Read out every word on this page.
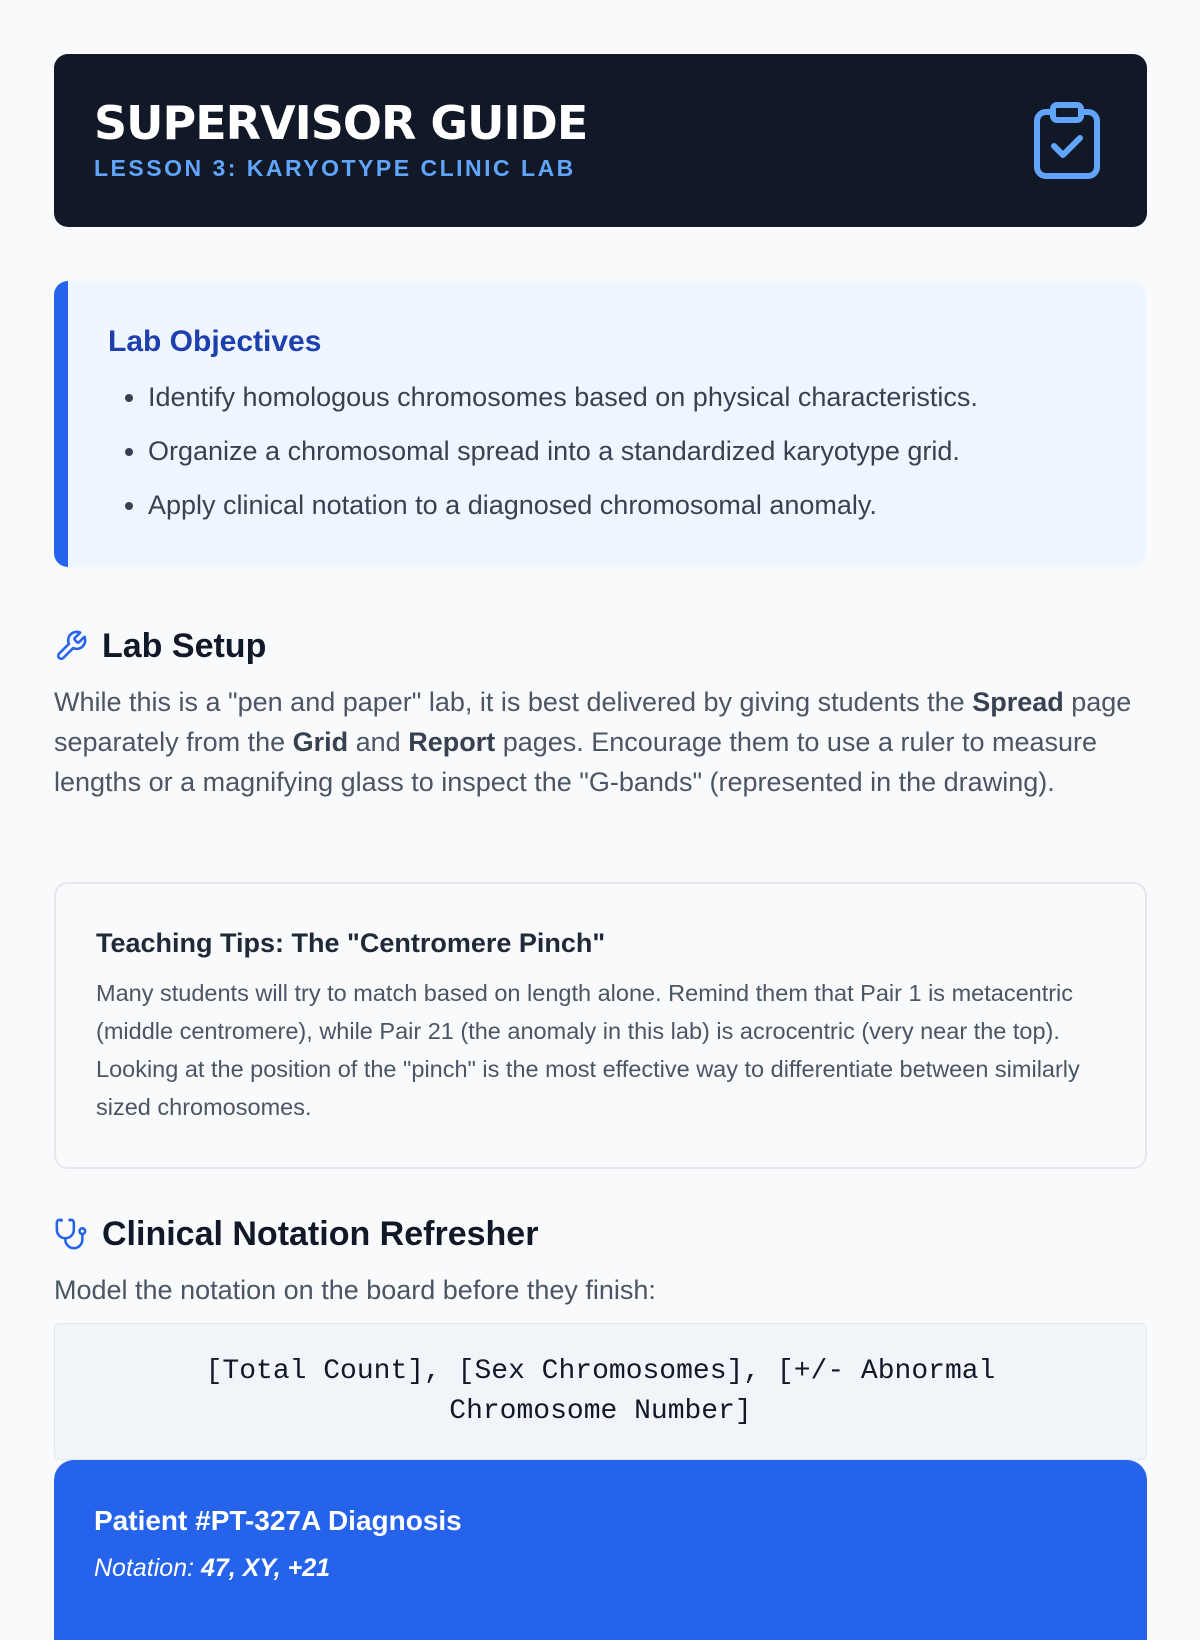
SUPERVISOR GUIDE
LESSON 3: KARYOTYPE CLINIC LAB
Lab Objectives
• Identify homologous chromosomes based on physical characteristics.
• Organize a chromosomal spread into a standardized karyotype grid.
• Apply clinical notation to a diagnosed chromosomal anomaly.
Lab Setup

While this is a "pen and paper" lab, it is best delivered by giving students the Spread page separately from the Grid and Report pages. Encourage them to use a ruler to measure lengths or a magnifying glass to inspect the "G-bands" (represented in the drawing).

Teaching Tips: The "Centromere Pinch"

Many students will try to match based on length alone. Remind them that Pair 1 is metacentric (middle centromere), while Pair 21 (the anomaly in this lab) is acrocentric (very near the top). Looking at the position of the "pinch" is the most effective way to differentiate between similarly sized chromosomes.

Clinical Notation Refresher

Model the notation on the board before they finish:

[Total Count], [Sex Chromosomes], [+/- Abnormal Chromosome Number]
Patient #PT-327A Diagnosis

Notation: 47, XY, +21
